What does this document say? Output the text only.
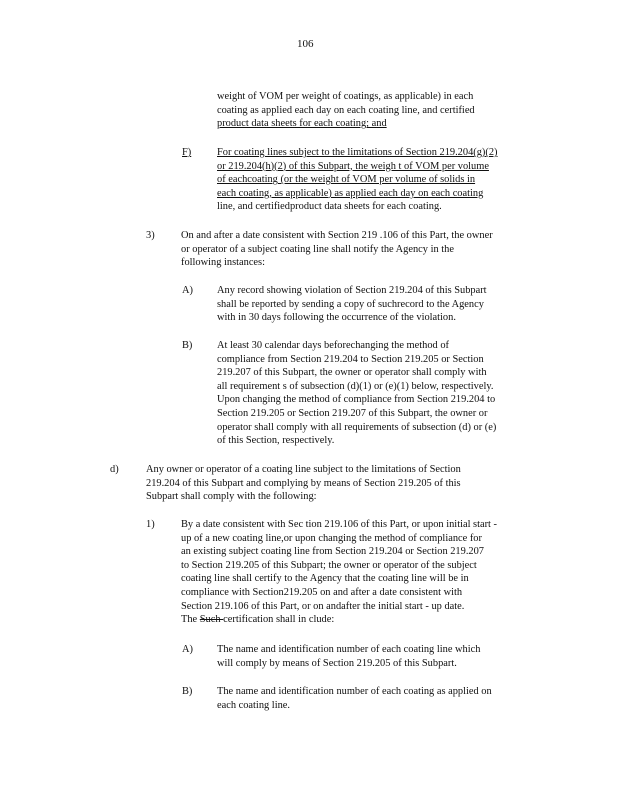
106
weight of VOM per weight of coatings, as applicable) in each
coating as applied each day on each coating line, and certified
product data sheets for each coating; and
F) For coating lines subject to the limitations of Section 219.204(g)(2)
or 219.204(h)(2) of this Subpart, the weigh t of VOM per volume
of eachcoating (or the weight of VOM per volume of solids in
each coating, as applicable) as applied each day on each coating
line, and certifiedproduct data sheets for each coating.
3)	On and after a date consistent with Section 219 .106 of this Part, the owner
or operator of a subject coating line shall notify the Agency in the
following instances:
A) Any record showing violation of Section 219.204 of this Subpart
shall be reported by sending a copy of suchrecord to the Agency
with in 30 days following the occurrence of the violation.
B) At least 30 calendar days beforechanging the method of
compliance from Section 219.204 to Section 219.205 or Section
219.207 of this Subpart, the owner or operator shall comply with
all requirement s of subsection (d)(1) or (e)(1) below, respectively.
Upon changing the method of compliance from Section 219.204 to
Section 219.205 or Section 219.207 of this Subpart, the owner or
operator shall comply with all requirements of subsection (d) or (e)
of this Section, respectively.
d)	Any owner or operator of a coating line subject to the limitations of Section
219.204 of this Subpart and complying by means of Section 219.205 of this
Subpart shall comply with the following:
1)	By a date consistent with Sec tion 219.106 of this Part, or upon initial start -
up of a new coating line,or upon changing the method of compliance for
an existing subject coating line from Section 219.204 or Section 219.207
to Section 219.205 of this Subpart; the owner or operator of the subject
coating line shall certify to the Agency that the coating line will be in
compliance with Section219.205 on and after a date consistent with
Section 219.106 of this Part, or on andafter the initial start - up date.
The Such certification shall in clude:
A) The name and identification number of each coating line which
will comply by means of Section 219.205 of this Subpart.
B) The name and identification number of each coating as applied on
each coating line.
